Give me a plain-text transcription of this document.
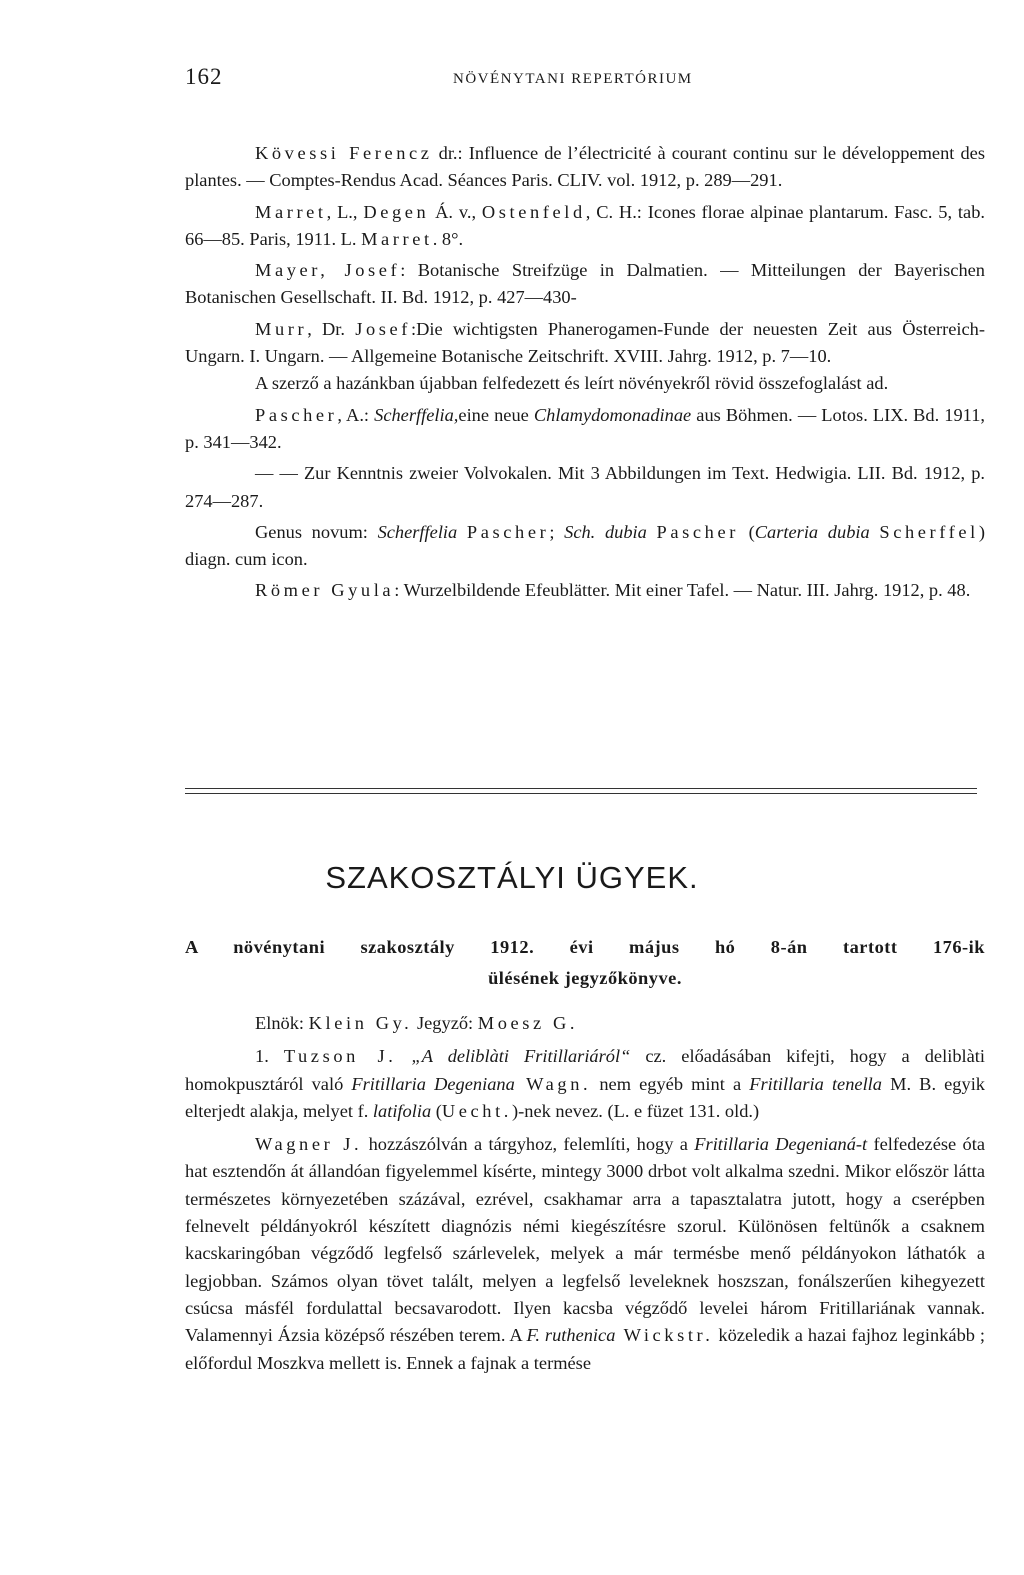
162	NÖVÉNYTANI REPERTÓRIUM

Kövessi Ferencz dr.: Influence de l’électricité à courant continu sur le développement des plantes. — Comptes-Rendus Acad. Séances Paris. CLIV. vol. 1912, p. 289—291.

Marret, L., Degen Á. v., Ostenfeld, C. H.: Icones florae alpinae plantarum. Fasc. 5, tab. 66—85. Paris, 1911. L. Marret. 8°.

Mayer, Josef: Botanische Streifzüge in Dalmatien. — Mitteilungen der Bayerischen Botanischen Gesellschaft. II. Bd. 1912, p. 427—430-

Murr, Dr. Josef:Die wichtigsten Phanerogamen-Funde der neuesten Zeit aus Österreich-Ungarn. I. Ungarn. — Allgemeine Botanische Zeitschrift. XVIII. Jahrg. 1912, p. 7—10.

A szerző a hazánkban újabban felfedezett és leírt növényekről rövid összefoglalást ad.

Pascher, A.: Scherffelia,eine neue Chlamydomonadinae aus Böhmen. — Lotos. LIX. Bd. 1911, p. 341—342.

— — Zur Kenntnis zweier Volvokalen. Mit 3 Abbildungen im Text. Hedwigia. LII. Bd. 1912, p. 274—287.

Genus novum: Scherffelia Pascher; Sch. dubia Pascher (Carteria dubia Scherffel) diagn. cum icon.

Römer Gyula: Wurzelbildende Efeublätter. Mit einer Tafel. — Natur. III. Jahrg. 1912, p. 48.

SZAKOSZTÁLYI ÜGYEK.
A növénytani szakosztály 1912. évi május hó 8-án tartott 176-ik
ülésének jegyzőkönyve.

Elnök: Klein Gy. Jegyző: Moesz G.

1. Tuzson J. „A deliblàti Fritillariáról“ cz. előadásában kifejti, hogy a deliblàti homokpusztáról való Fritillaria Degeniana Wagn. nem egyéb mint a Fritillaria tenella M. B. egyik elterjedt alakja, melyet f. latifolia (Uecht.)-nek nevez. (L. e füzet 131. old.)

Wagner J. hozzászólván a tárgyhoz, felemlíti, hogy a Fritillaria Degenianá-t felfedezése óta hat esztendőn át állandóan figyelemmel kísérte, mintegy 3000 drbot volt alkalma szedni. Mikor először látta természetes környezetében százával, ezrével, csakhamar arra a tapasztalatra jutott, hogy a cserépben felnevelt példányokról készített diagnózis némi kiegészítésre szorul. Különösen feltünők a csaknem kacskaringóban végződő legfelső szárlevelek, melyek a már termésbe menő példányokon láthatók a legjobban. Számos olyan tövet talált, melyen a legfelső leveleknek hoszszan, fonálszerűen kihegyezett csúcsa másfél fordulattal becsavarodott. Ilyen kacsba végződő levelei három Fritillariának vannak. Valamennyi Ázsia középső részében terem. A F. ruthenica Wickstr. közeledik a hazai fajhoz leginkább ; előfordul Moszkva mellett is. Ennek a fajnak a termése
